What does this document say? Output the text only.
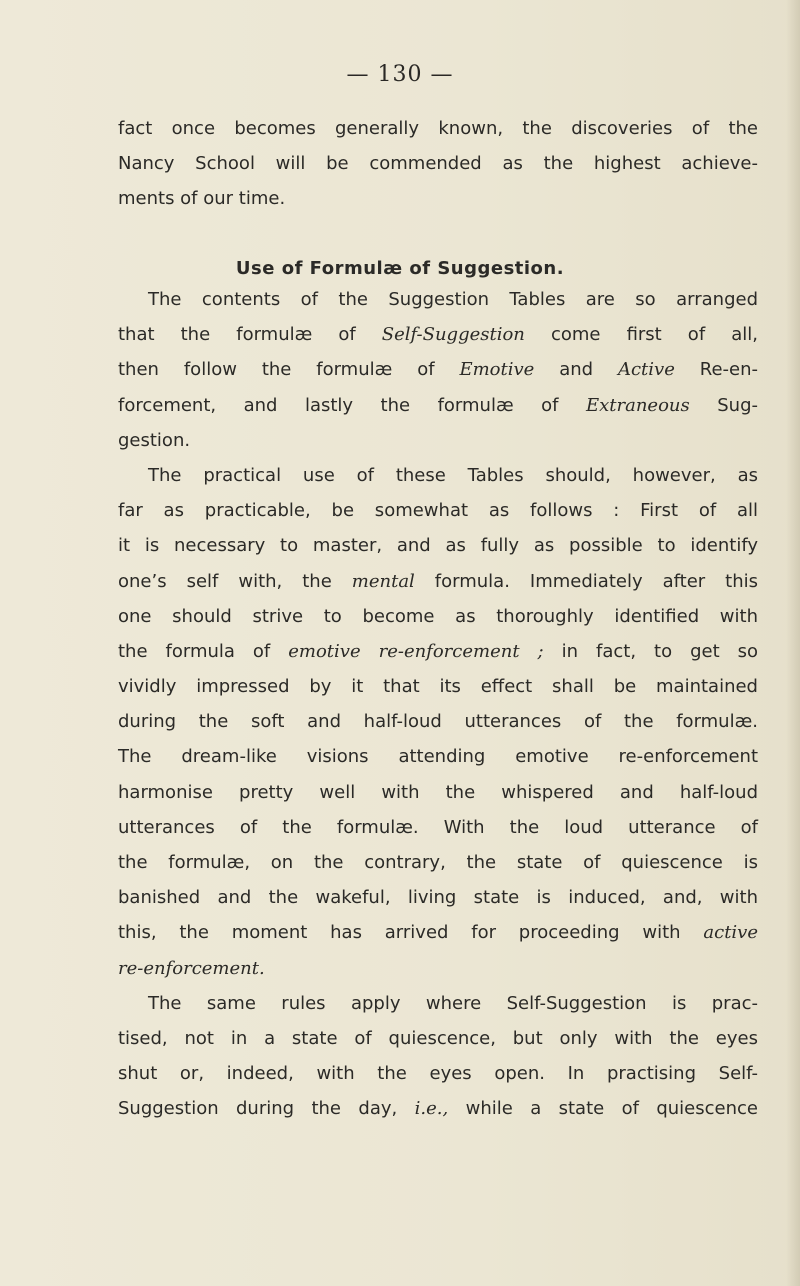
— 130 —
fact once becomes generally known, the discoveries of the
Nancy School will be commended as the highest achieve-
ments of our time.
Use of Formulæ of Suggestion.
The contents of the Suggestion Tables are so arranged
that the formulæ of Self-Suggestion come first of all,
then follow the formulæ of Emotive and Active Re-en-
forcement, and lastly the formulæ of Extraneous Sug-
gestion.
The practical use of these Tables should, however, as
far as practicable, be somewhat as follows : First of all
it is necessary to master, and as fully as possible to identify
one’s self with, the mental formula. Immediately after this
one should strive to become as thoroughly identified with
the formula of emotive re-enforcement ; in fact, to get so
vividly impressed by it that its effect shall be maintained
during the soft and half-loud utterances of the formulæ.
The dream-like visions attending emotive re-enforcement
harmonise pretty well with the whispered and half-loud
utterances of the formulæ. With the loud utterance of
the formulæ, on the contrary, the state of quiescence is
banished and the wakeful, living state is induced, and, with
this, the moment has arrived for proceeding with active
re-enforcement.
The same rules apply where Self-Suggestion is prac-
tised, not in a state of quiescence, but only with the eyes
shut or, indeed, with the eyes open. In practising Self-
Suggestion during the day, i.e., while a state of quiescence
